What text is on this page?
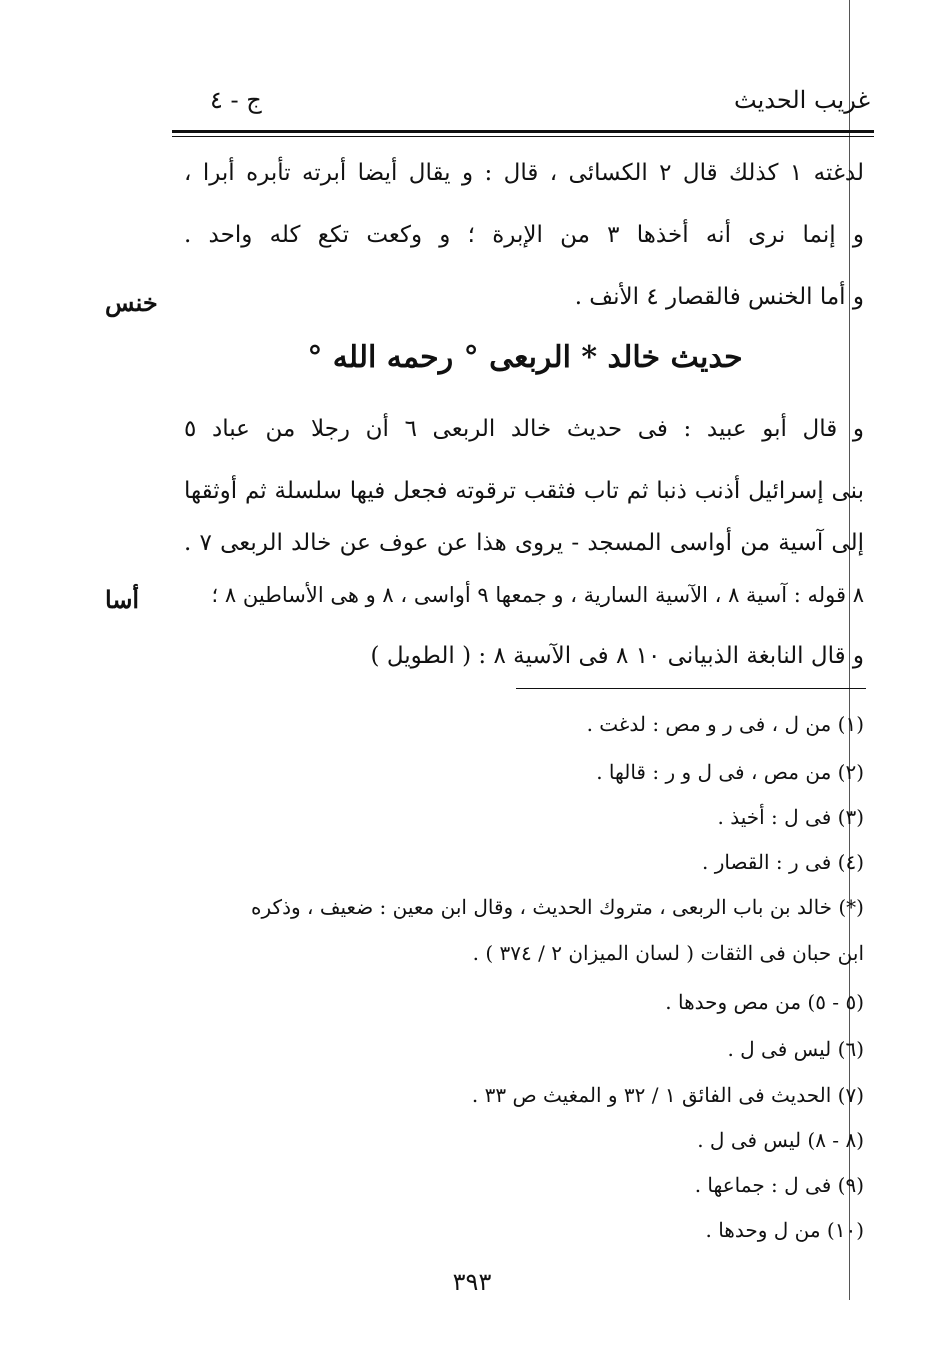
غريب الحديث
ج - ٤
لدغته ١ كذلك قال ٢ الكسائى ، قال : و يقال أيضا أبرته تأبره أبرا ،
و إنما نرى أنه أخذها ٣ من الإبرة ؛ و وكعت تكع كله واحد .
و أما الخنس فالقصار ٤ الأنف .
خنس
حديث خالد * الربعى ° رحمه الله °
و قال أبو عبيد : فى حديث خالد الربعى ٦ أن رجلا من عباد ٥
بنى إسرائيل أذنب ذنبا ثم تاب فثقب ترقوته فجعل فيها سلسلة ثم أوثقها
إلى آسية من أواسى المسجد - يروى هذا عن عوف عن خالد الربعى ٧ .
٨ قوله : آسية ٨ ، الآسية السارية ، و جمعها ٩ أواسى ، ٨ و هى الأساطين ٨ ؛
أسا
و قال النابغة الذبيانى ١٠ ٨ فى الآسية ٨ : ( الطويل )
(١) من ل ، فى ر و مص : لدغت .
(٢) من مص ، فى ل و ر : قالها .
(٣) فى ل : أخيذ .
(٤) فى ر : القصار .
(*) خالد بن باب الربعى ، متروك الحديث ، وقال ابن معين : ضعيف ، وذكره
ابن حبان فى الثقات ( لسان الميزان ٢ / ٣٧٤ ) .
(٥ - ٥) من مص وحدها .
(٦) ليس فى ل .
(٧) الحديث فى الفائق ١ / ٣٢ و المغيث ص ٣٣ .
(٨ - ٨) ليس فى ل .
(٩) فى ل : جماعها .
(١٠) من ل وحدها .
٣٩٣
